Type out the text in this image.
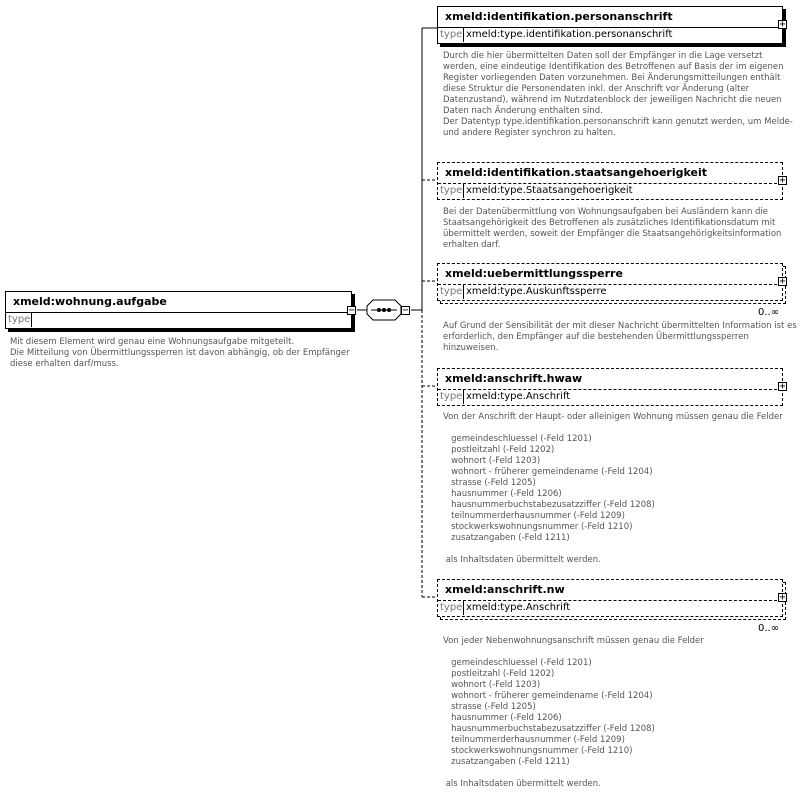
xmeld:wohnung.aufgabe
type
−
Mit diesem Element wird genau eine Wohnungsaufgabe mitgeteilt.
Die Mitteilung von Übermittlungssperren ist davon abhängig, ob der Empfänger
diese erhalten darf/muss.
−
xmeld:identifikation.personanschrift
type xmeld:type.identifikation.personanschrift
+
Durch die hier übermittelten Daten soll der Empfänger in die Lage versetzt
werden, eine eindeutige Identifikation des Betroffenen auf Basis der im eigenen
Register vorliegenden Daten vorzunehmen. Bei Änderungsmitteilungen enthält
diese Struktur die Personendaten inkl. der Anschrift vor Änderung (alter
Datenzustand), während im Nutzdatenblock der jeweiligen Nachricht die neuen
Daten nach Änderung enthalten sind.
Der Datentyp type.identifikation.personanschrift kann genutzt werden, um Melde-
und andere Register synchron zu halten.
xmeld:identifikation.staatsangehoerigkeit
type xmeld:type.Staatsangehoerigkeit
+
Bei der Datenübermittlung von Wohnungsaufgaben bei Ausländern kann die
Staatsangehörigkeit des Betroffenen als zusätzliches Identifikationsdatum mit
übermittelt werden, soweit der Empfänger die Staatsangehörigkeitsinformation
erhalten darf.
xmeld:uebermittlungssperre
type xmeld:type.Auskunftssperre
+
0..∞
Auf Grund der Sensibilität der mit dieser Nachricht übermittelten Information ist es
erforderlich, den Empfänger auf die bestehenden Übermittlungssperren
hinzuweisen.
xmeld:anschrift.hwaw
type xmeld:type.Anschrift
+
Von der Anschrift der Haupt- oder alleinigen Wohnung müssen genau die Felder

gemeindeschluessel (-Feld 1201)
postleitzahl (-Feld 1202)
wohnort (-Feld 1203)
wohnort - früherer gemeindename (-Feld 1204)
strasse (-Feld 1205)
hausnummer (-Feld 1206)
hausnummerbuchstabezusatzziffer (-Feld 1208)
teilnummerderhausnummer (-Feld 1209)
stockwerkswohnungsnummer (-Feld 1210)
zusatzangaben (-Feld 1211)

als Inhaltsdaten übermittelt werden.
xmeld:anschrift.nw
type xmeld:type.Anschrift
+
0..∞
Von jeder Nebenwohnungsanschrift müssen genau die Felder

gemeindeschluessel (-Feld 1201)
postleitzahl (-Feld 1202)
wohnort (-Feld 1203)
wohnort - früherer gemeindename (-Feld 1204)
strasse (-Feld 1205)
hausnummer (-Feld 1206)
hausnummerbuchstabezusatzziffer (-Feld 1208)
teilnummerderhausnummer (-Feld 1209)
stockwerkswohnungsnummer (-Feld 1210)
zusatzangaben (-Feld 1211)

als Inhaltsdaten übermittelt werden.
